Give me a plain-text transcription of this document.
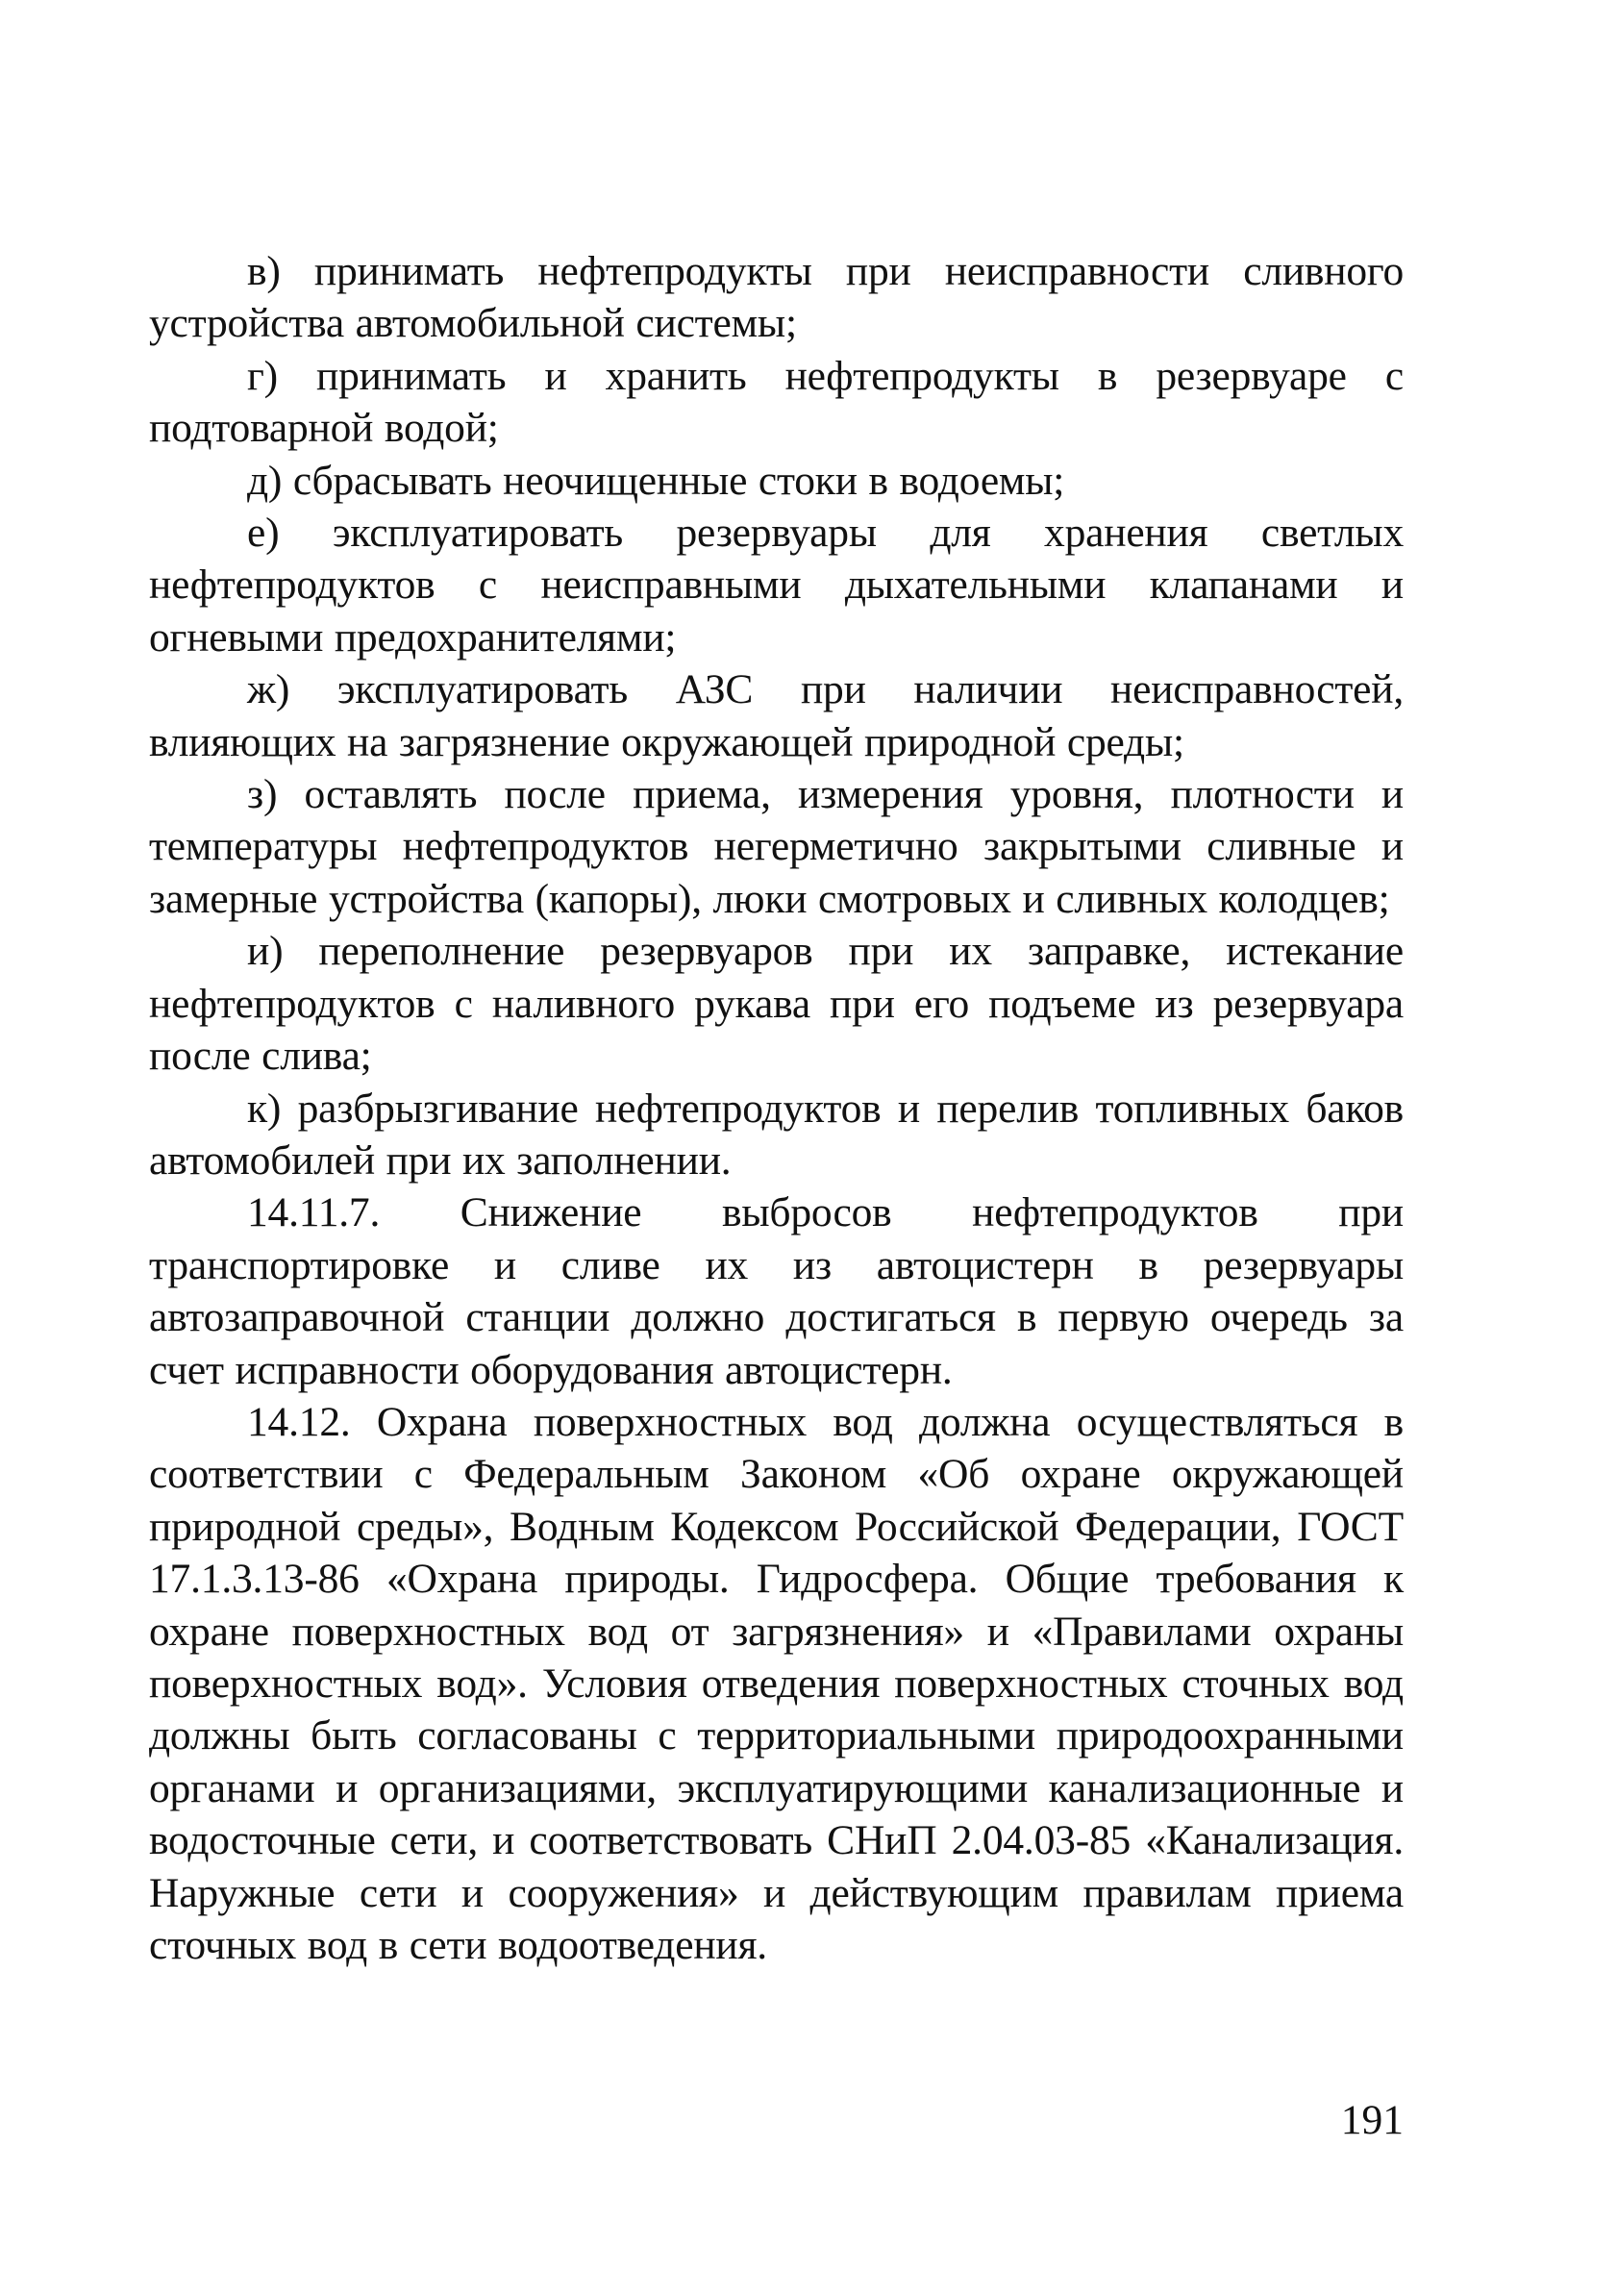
в) принимать нефтепродукты при неисправности сливного устройства автомобильной системы;

г) принимать и хранить нефтепродукты в резервуаре с подтоварной водой;

д) сбрасывать неочищенные стоки в водоемы;

е) эксплуатировать резервуары для хранения светлых нефтепродуктов с неисправными дыхательными клапанами и огневыми предохранителями;

ж) эксплуатировать АЗС при наличии неисправностей, влияющих на загрязнение окружающей природной среды;

з) оставлять после приема, измерения уровня, плотности и температуры нефтепродуктов негерметично закрытыми сливные и замерные устройства (капоры), люки смотровых и сливных колодцев;

и) переполнение резервуаров при их заправке, истекание нефтепродуктов с наливного рукава при его подъеме из резервуара после слива;

к) разбрызгивание нефтепродуктов и перелив топливных баков автомобилей при их заполнении.

14.11.7. Снижение выбросов нефтепродуктов при транспортировке и сливе их из автоцистерн в резервуары автозаправочной станции должно достигаться в первую очередь за счет исправности оборудования автоцистерн.

14.12. Охрана поверхностных вод должна осуществляться в соответствии с Федеральным Законом «Об охране окружающей природной среды», Водным Кодексом Российской Федерации, ГОСТ 17.1.3.13-86 «Охрана природы. Гидросфера. Общие требования к охране поверхностных вод от загрязнения» и «Правилами охраны поверхностных вод». Условия отведения поверхностных сточных вод должны быть согласованы с территориальными природоохранными органами и организациями, эксплуатирующими канализационные и водосточные сети, и соответствовать СНиП 2.04.03-85 «Канализация. Наружные сети и сооружения» и действующим правилам приема сточных вод в сети водоотведения.

191
